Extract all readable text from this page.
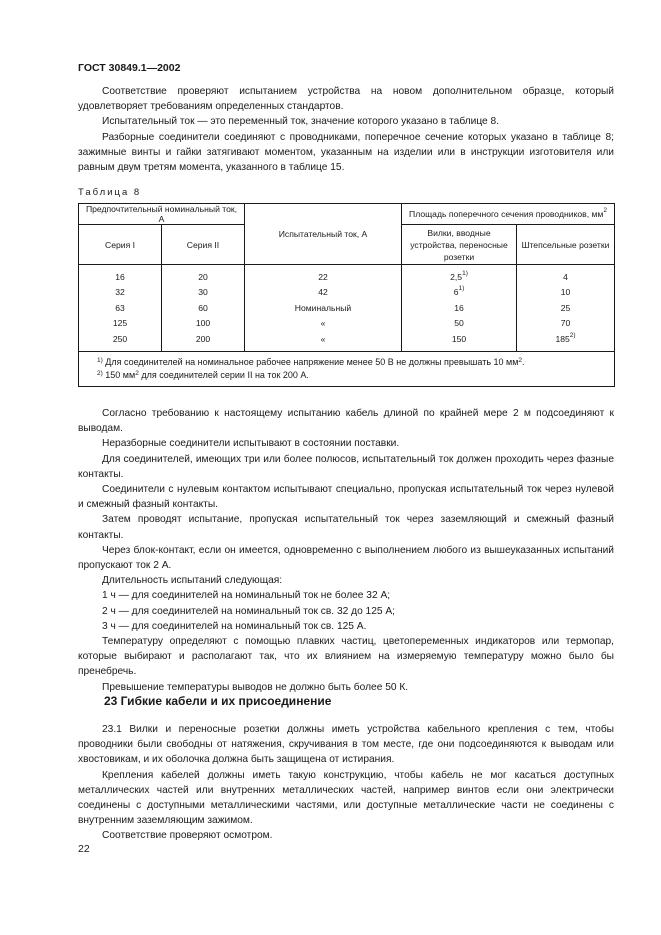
ГОСТ 30849.1—2002

Соответствие проверяют испытанием устройства на новом дополнительном образце, который удовлетворяет требованиям определенных стандартов.

Испытательный ток — это переменный ток, значение которого указано в таблице 8.

Разборные соединители соединяют с проводниками, поперечное сечение которых указано в таблице 8; зажимные винты и гайки затягивают моментом, указанным на изделии или в инструкции изготовителя или равным двум третям момента, указанного в таблице 15.

Таблица 8
Предпочтительный номинальный ток, А		Испытательный ток, А	Площадь поперечного сечения проводников, $мм^2$
Серия I	Серия II		Вилки, вводные устройства, переносные розетки	Штепсельные розетки
16	20	22	2,5$^{1)}$	4
32	30	42	6$^{1)}$	10
63	60	Номинальный	16	25
125	100	«	50	70
250	200	«	150	185$^{2)}$

$^{1)}$ Для соединителей на номинальное рабочее напряжение менее 50 В не должны превышать 10 $мм^2$.
$^{2)}$ 150 $мм^2$ для соединителей серии II на ток 200 А.				

Согласно требованию к настоящему испытанию кабель длиной по крайней мере 2 м подсоединяют к выводам.

Неразборные соединители испытывают в состоянии поставки.

Для соединителей, имеющих три или более полюсов, испытательный ток должен проходить через фазные контакты.

Соединители с нулевым контактом испытывают специально, пропуская испытательный ток через нулевой и смежный фазный контакты.

Затем проводят испытание, пропуская испытательный ток через заземляющий и смежный фазный контакты.

Через блок-контакт, если он имеется, одновременно с выполнением любого из вышеуказанных испытаний пропускают ток 2 А.

Длительность испытаний следующая:

1 ч — для соединителей на номинальный ток не более 32 А;

2 ч — для соединителей на номинальный ток св. 32 до 125 А;

3 ч — для соединителей на номинальный ток св. 125 А.

Температуру определяют с помощью плавких частиц, цветопеременных индикаторов или термопар, которые выбирают и располагают так, что их влиянием на измеряемую температуру можно было бы пренебречь.

Превышение температуры выводов не должно быть более 50 К.

23 Гибкие кабели и их присоединение

23.1 Вилки и переносные розетки должны иметь устройства кабельного крепления с тем, чтобы проводники были свободны от натяжения, скручивания в том месте, где они подсоединяются к выводам или хвостовикам, и их оболочка должна быть защищена от истирания.

Крепления кабелей должны иметь такую конструкцию, чтобы кабель не мог касаться доступных металлических частей или внутренних металлических частей, например винтов если они электрически соединены с доступными металлическими частями, или доступные металлические части не соединены с внутренним заземляющим зажимом.

Соответствие проверяют осмотром.

22
